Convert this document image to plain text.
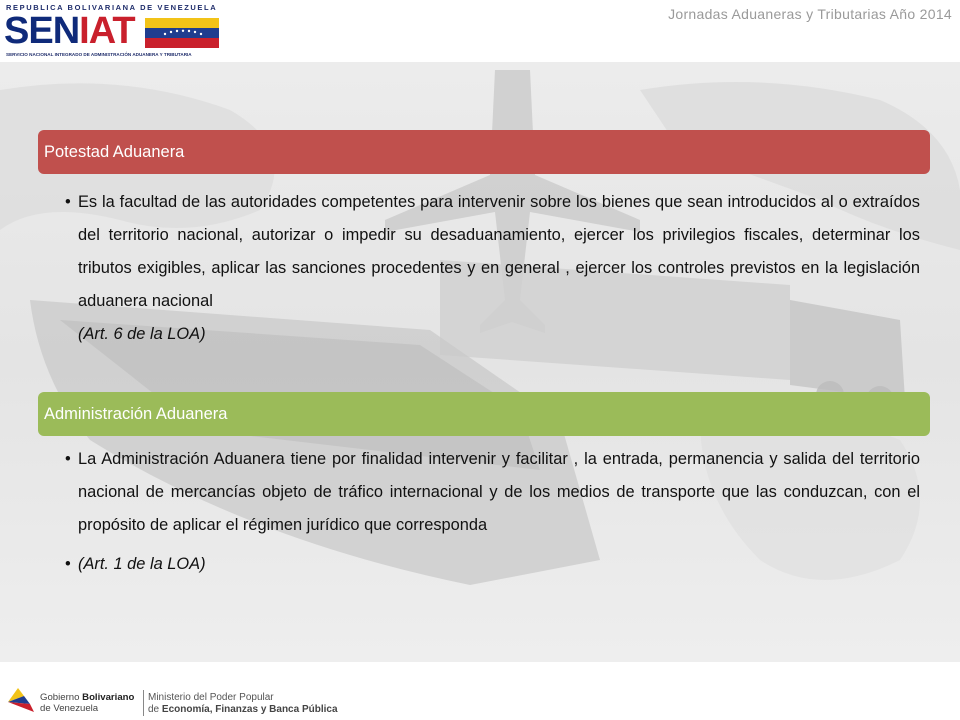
REPUBLICA BOLIVARIANA DE VENEZUELA
SENIAT
SERVICIO NACIONAL INTEGRADO DE ADMINISTRACIÓN ADUANERA Y TRIBUTARIA
Jornadas Aduaneras y Tributarias Año 2014
Potestad Aduanera
• Es la facultad de las autoridades competentes para intervenir sobre los bienes que sean introducidos al o extraídos del territorio nacional, autorizar o impedir su desaduanamiento, ejercer los privilegios fiscales, determinar los tributos exigibles, aplicar las sanciones procedentes y en general , ejercer los controles previstos en la legislación aduanera nacional
(Art. 6 de la LOA)
Administración Aduanera
• La Administración Aduanera tiene por finalidad intervenir y facilitar , la entrada, permanencia y salida del territorio nacional de mercancías objeto de tráfico internacional y de los medios de transporte que las conduzcan, con el propósito de aplicar el régimen jurídico que corresponda
• (Art. 1 de la LOA)
Gobierno Bolivariano
de Venezuela
Ministerio del Poder Popular
de Economía, Finanzas y Banca Pública
